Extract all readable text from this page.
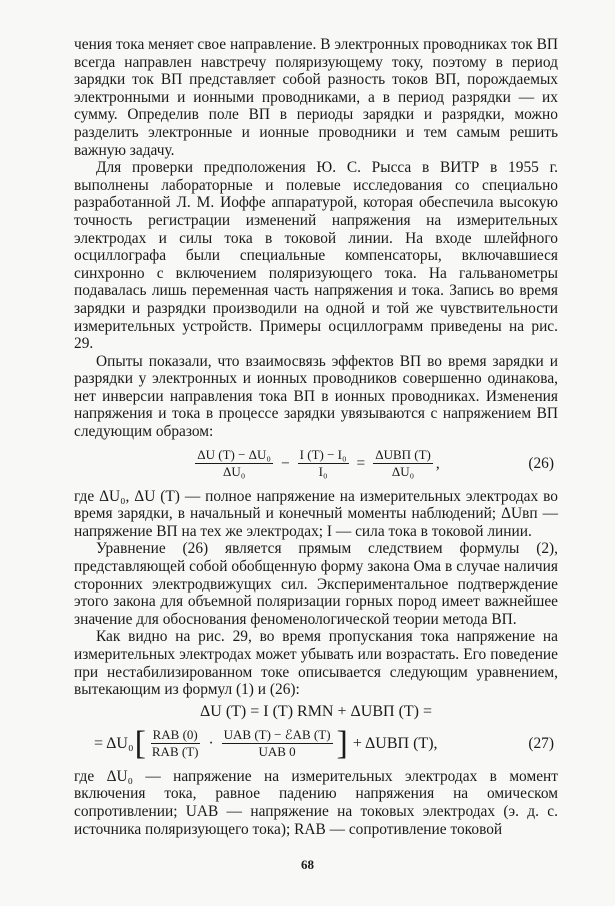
чения тока меняет свое направление. В электронных проводниках ток ВП всегда направлен навстречу поляризующему току, поэтому в период зарядки ток ВП представляет собой разность токов ВП, порождаемых электронными и ионными проводниками, а в период разрядки — их сумму. Определив поле ВП в периоды зарядки и разрядки, можно разделить электронные и ионные проводники и тем самым решить важную задачу.

Для проверки предположения Ю. С. Рысса в ВИТР в 1955 г. выполнены лабораторные и полевые исследования со специально разработанной Л. М. Иоффе аппаратурой, которая обеспечила высокую точность регистрации изменений напряжения на измерительных электродах и силы тока в токовой линии. На входе шлейфного осциллографа были специальные компенсаторы, включавшиеся синхронно с включением поляризующего тока. На гальванометры подавалась лишь переменная часть напряжения и тока. Запись во время зарядки и разрядки производили на одной и той же чувствительности измерительных устройств. Примеры осциллограмм приведены на рис. 29.

Опыты показали, что взаимосвязь эффектов ВП во время зарядки и разрядки у электронных и ионных проводников совершенно одинакова, нет инверсии направления тока ВП в ионных проводниках. Изменения напряжения и тока в процессе зарядки увязываются с напряжением ВП следующим образом:

$\frac{\text{ΔU (T) − ΔU₀}}{\text{ΔU₀}} - \frac{\text{I (T) − I₀}}{\text{I₀}} = \frac{\text{ΔUВП (T)}}{\text{ΔU₀}}$ ,	(26)

где ΔU₀, ΔU (T) — полное напряжение на измерительных электродах во время зарядки, в начальный и конечный моменты наблюдений; ΔUвп — напряжение ВП на тех же электродах; I — сила тока в токовой линии.

Уравнение (26) является прямым следствием формулы (2), представляющей собой обобщенную форму закона Ома в случае наличия сторонних электродвижущих сил. Экспериментальное подтверждение этого закона для объемной поляризации горных пород имеет важнейшее значение для обоснования феноменологической теории метода ВП.

Как видно на рис. 29, во время пропускания тока напряжение на измерительных электродах может убывать или возрастать. Его поведение при нестабилизированном токе описывается следующим уравнением, вытекающим из формул (1) и (26):

ΔU (T) = I (T) RMN + ΔUВП (T) =
= ΔU₀ [ $\frac{\text{RAB (0)}}{\text{RAB (T)}} \cdot \frac{\text{UAB (T) − ℰAB (T)}}{\text{UAB 0}}$ ] + ΔUВП (T),	(27)

где ΔU₀ — напряжение на измерительных электродах в момент включения тока, равное падению напряжения на омическом сопротивлении; UAB — напряжение на токовых электродах (э. д. с. источника поляризующего тока); RAB — сопротивление токовой

68
